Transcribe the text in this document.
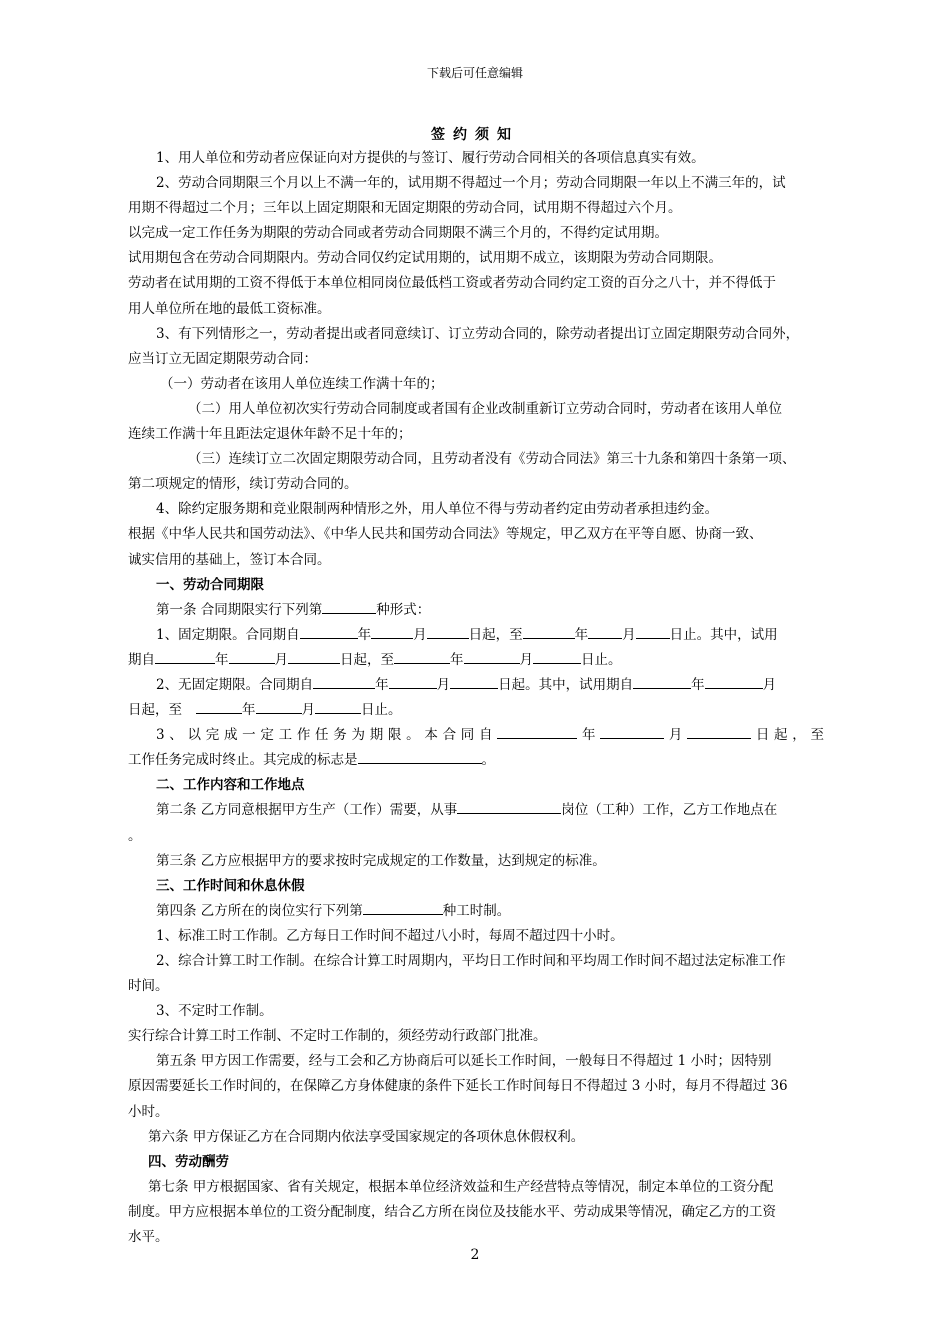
下载后可任意编辑
签约须知

1、用人单位和劳动者应保证向对方提供的与签订、履行劳动合同相关的各项信息真实有效。

2、劳动合同期限三个月以上不满一年的，试用期不得超过一个月；劳动合同期限一年以上不满三年的，试

用期不得超过二个月；三年以上固定期限和无固定期限的劳动合同，试用期不得超过六个月。

以完成一定工作任务为期限的劳动合同或者劳动合同期限不满三个月的，不得约定试用期。

试用期包含在劳动合同期限内。劳动合同仅约定试用期的，试用期不成立，该期限为劳动合同期限。

劳动者在试用期的工资不得低于本单位相同岗位最低档工资或者劳动合同约定工资的百分之八十，并不得低于

用人单位所在地的最低工资标准。

3、有下列情形之一，劳动者提出或者同意续订、订立劳动合同的，除劳动者提出订立固定期限劳动合同外，

应当订立无固定期限劳动合同：

（一）劳动者在该用人单位连续工作满十年的；

（二）用人单位初次实行劳动合同制度或者国有企业改制重新订立劳动合同时，劳动者在该用人单位

连续工作满十年且距法定退休年龄不足十年的；

（三）连续订立二次固定期限劳动合同，且劳动者没有《劳动合同法》第三十九条和第四十条第一项、

第二项规定的情形，续订劳动合同的。

4、除约定服务期和竞业限制两种情形之外，用人单位不得与劳动者约定由劳动者承担违约金。

根据《中华人民共和国劳动法》、《中华人民共和国劳动合同法》等规定，甲乙双方在平等自愿、协商一致、

诚实信用的基础上，签订本合同。

一、劳动合同期限

第一条 合同期限实行下列第	种形式：

1、固定期限。合同期自	年	月	日起，至	年	月	日止。其中，试用

期自	年	月	日起，至	年	月	日止。

2、无固定期限。合同期自	年	月	日起。其中，试用期自	年	月

日起，至	年	月	日止。

3、以完成一定工作任务为期限。本合同自	年	月	日起，至

工作任务完成时终止。其完成的标志是	。

二、工作内容和工作地点

第二条 乙方同意根据甲方生产（工作）需要，从事	岗位（工种）工作，乙方工作地点在

。

第三条 乙方应根据甲方的要求按时完成规定的工作数量，达到规定的标准。

三、工作时间和休息休假

第四条 乙方所在的岗位实行下列第	种工时制。

1、标准工时工作制。乙方每日工作时间不超过八小时，每周不超过四十小时。

2、综合计算工时工作制。在综合计算工时周期内，平均日工作时间和平均周工作时间不超过法定标准工作

时间。

3、不定时工作制。

实行综合计算工时工作制、不定时工作制的，须经劳动行政部门批准。

第五条 甲方因工作需要，经与工会和乙方协商后可以延长工作时间，一般每日不得超过 1 小时；因特别

原因需要延长工作时间的，在保障乙方身体健康的条件下延长工作时间每日不得超过 3 小时，每月不得超过 36

小时。

第六条 甲方保证乙方在合同期内依法享受国家规定的各项休息休假权利。

四、劳动酬劳

第七条 甲方根据国家、省有关规定，根据本单位经济效益和生产经营特点等情况，制定本单位的工资分配

制度。甲方应根据本单位的工资分配制度，结合乙方所在岗位及技能水平、劳动成果等情况，确定乙方的工资

水平。

2
